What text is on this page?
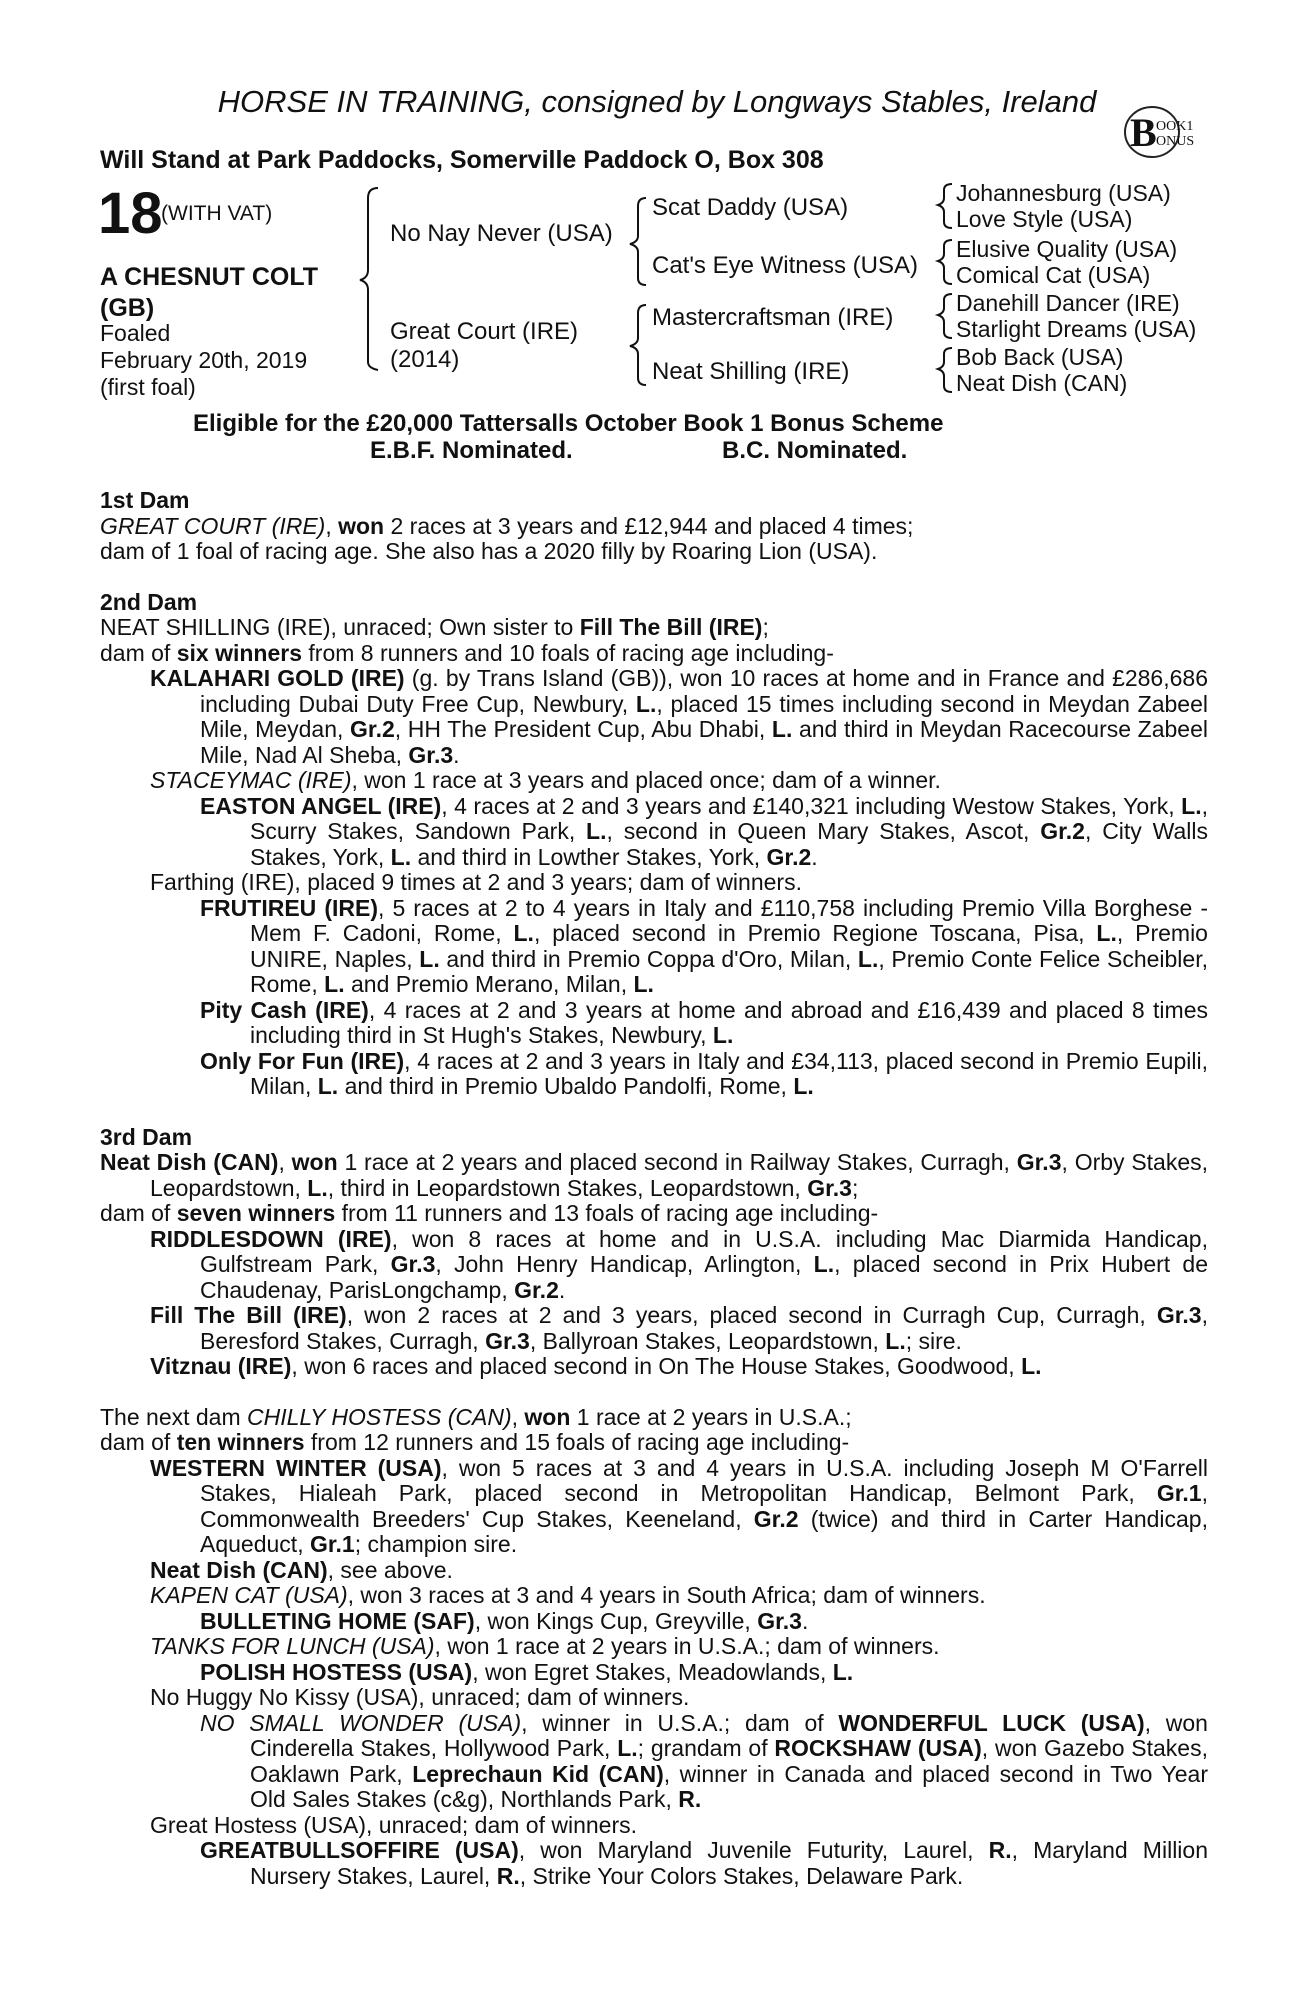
HORSE IN TRAINING, consigned by Longways Stables, Ireland
B OOK1
ONUS
Will Stand at Park Paddocks, Somerville Paddock O, Box 308
18
(WITH VAT)
A CHESNUT COLT
(GB)
Foaled
February 20th, 2019
(first foal)
No Nay Never (USA)
Great Court (IRE)
(2014)
Scat Daddy (USA)
Cat's Eye Witness (USA)
Mastercraftsman (IRE)
Neat Shilling (IRE)
Johannesburg (USA)
Love Style (USA)
Elusive Quality (USA)
Comical Cat (USA)
Danehill Dancer (IRE)
Starlight Dreams (USA)
Bob Back (USA)
Neat Dish (CAN)
Eligible for the £20,000 Tattersalls October Book 1 Bonus Scheme
E.B.F. Nominated.	B.C. Nominated.

1st Dam

GREAT COURT (IRE), won 2 races at 3 years and £12,944 and placed 4 times;

dam of 1 foal of racing age. She also has a 2020 filly by Roaring Lion (USA).

2nd Dam

NEAT SHILLING (IRE), unraced; Own sister to Fill The Bill (IRE);

dam of six winners from 8 runners and 10 foals of racing age including-

KALAHARI GOLD (IRE) (g. by Trans Island (GB)), won 10 races at home and in France and £286,686 including Dubai Duty Free Cup, Newbury, L., placed 15 times including second in Meydan Zabeel Mile, Meydan, Gr.2, HH The President Cup, Abu Dhabi, L. and third in Meydan Racecourse Zabeel Mile, Nad Al Sheba, Gr.3.

STACEYMAC (IRE), won 1 race at 3 years and placed once; dam of a winner.

EASTON ANGEL (IRE), 4 races at 2 and 3 years and £140,321 including Westow Stakes, York, L., Scurry Stakes, Sandown Park, L., second in Queen Mary Stakes, Ascot, Gr.2, City Walls Stakes, York, L. and third in Lowther Stakes, York, Gr.2.

Farthing (IRE), placed 9 times at 2 and 3 years; dam of winners.

FRUTIREU (IRE), 5 races at 2 to 4 years in Italy and £110,758 including Premio Villa Borghese - Mem F. Cadoni, Rome, L., placed second in Premio Regione Toscana, Pisa, L., Premio UNIRE, Naples, L. and third in Premio Coppa d'Oro, Milan, L., Premio Conte Felice Scheibler, Rome, L. and Premio Merano, Milan, L.

Pity Cash (IRE), 4 races at 2 and 3 years at home and abroad and £16,439 and placed 8 times including third in St Hugh's Stakes, Newbury, L.

Only For Fun (IRE), 4 races at 2 and 3 years in Italy and £34,113, placed second in Premio Eupili, Milan, L. and third in Premio Ubaldo Pandolfi, Rome, L.

3rd Dam

Neat Dish (CAN), won 1 race at 2 years and placed second in Railway Stakes, Curragh, Gr.3, Orby Stakes, Leopardstown, L., third in Leopardstown Stakes, Leopardstown, Gr.3;

dam of seven winners from 11 runners and 13 foals of racing age including-

RIDDLESDOWN (IRE), won 8 races at home and in U.S.A. including Mac Diarmida Handicap, Gulfstream Park, Gr.3, John Henry Handicap, Arlington, L., placed second in Prix Hubert de Chaudenay, ParisLongchamp, Gr.2.

Fill The Bill (IRE), won 2 races at 2 and 3 years, placed second in Curragh Cup, Curragh, Gr.3, Beresford Stakes, Curragh, Gr.3, Ballyroan Stakes, Leopardstown, L.; sire.

Vitznau (IRE), won 6 races and placed second in On The House Stakes, Goodwood, L.

The next dam CHILLY HOSTESS (CAN), won 1 race at 2 years in U.S.A.;

dam of ten winners from 12 runners and 15 foals of racing age including-

WESTERN WINTER (USA), won 5 races at 3 and 4 years in U.S.A. including Joseph M O'Farrell Stakes, Hialeah Park, placed second in Metropolitan Handicap, Belmont Park, Gr.1, Commonwealth Breeders' Cup Stakes, Keeneland, Gr.2 (twice) and third in Carter Handicap, Aqueduct, Gr.1; champion sire.

Neat Dish (CAN), see above.

KAPEN CAT (USA), won 3 races at 3 and 4 years in South Africa; dam of winners.

BULLETING HOME (SAF), won Kings Cup, Greyville, Gr.3.

TANKS FOR LUNCH (USA), won 1 race at 2 years in U.S.A.; dam of winners.

POLISH HOSTESS (USA), won Egret Stakes, Meadowlands, L.

No Huggy No Kissy (USA), unraced; dam of winners.

NO SMALL WONDER (USA), winner in U.S.A.; dam of WONDERFUL LUCK (USA), won Cinderella Stakes, Hollywood Park, L.; grandam of ROCKSHAW (USA), won Gazebo Stakes, Oaklawn Park, Leprechaun Kid (CAN), winner in Canada and placed second in Two Year Old Sales Stakes (c&g), Northlands Park, R.

Great Hostess (USA), unraced; dam of winners.

GREATBULLSOFFIRE (USA), won Maryland Juvenile Futurity, Laurel, R., Maryland Million Nursery Stakes, Laurel, R., Strike Your Colors Stakes, Delaware Park.
